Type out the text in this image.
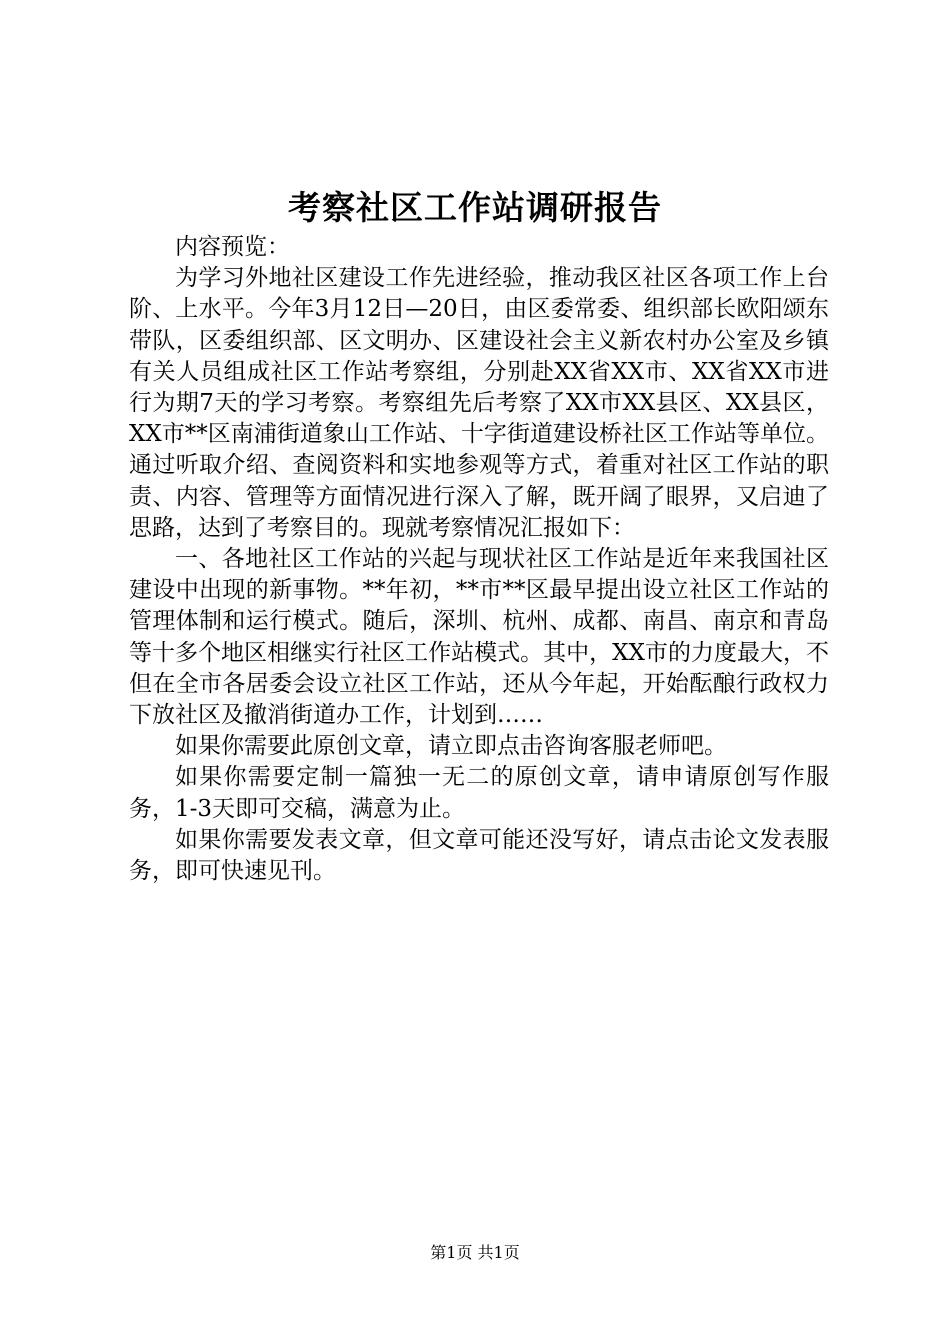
考察社区工作站调研报告

内容预览：

为学习外地社区建设工作先进经验，推动我区社区各项工作上台阶、上水平。今年3月12日—20日，由区委常委、组织部长欧阳颂东带队，区委组织部、区文明办、区建设社会主义新农村办公室及乡镇有关人员组成社区工作站考察组，分别赴XX省XX市、XX省XX市进行为期7天的学习考察。考察组先后考察了XX市XX县区、XX县区，XX市**区南浦街道象山工作站、十字街道建设桥社区工作站等单位。通过听取介绍、查阅资料和实地参观等方式，着重对社区工作站的职责、内容、管理等方面情况进行深入了解，既开阔了眼界，又启迪了思路，达到了考察目的。现就考察情况汇报如下：

一、各地社区工作站的兴起与现状社区工作站是近年来我国社区建设中出现的新事物。**年初，**市**区最早提出设立社区工作站的管理体制和运行模式。随后，深圳、杭州、成都、南昌、南京和青岛等十多个地区相继实行社区工作站模式。其中，XX市的力度最大，不但在全市各居委会设立社区工作站，还从今年起，开始酝酿行政权力下放社区及撤消街道办工作，计划到……

如果你需要此原创文章，请立即点击咨询客服老师吧。

如果你需要定制一篇独一无二的原创文章，请申请原创写作服务，1-3天即可交稿，满意为止。

如果你需要发表文章，但文章可能还没写好，请点击论文发表服务，即可快速见刊。

第1页 共1页
